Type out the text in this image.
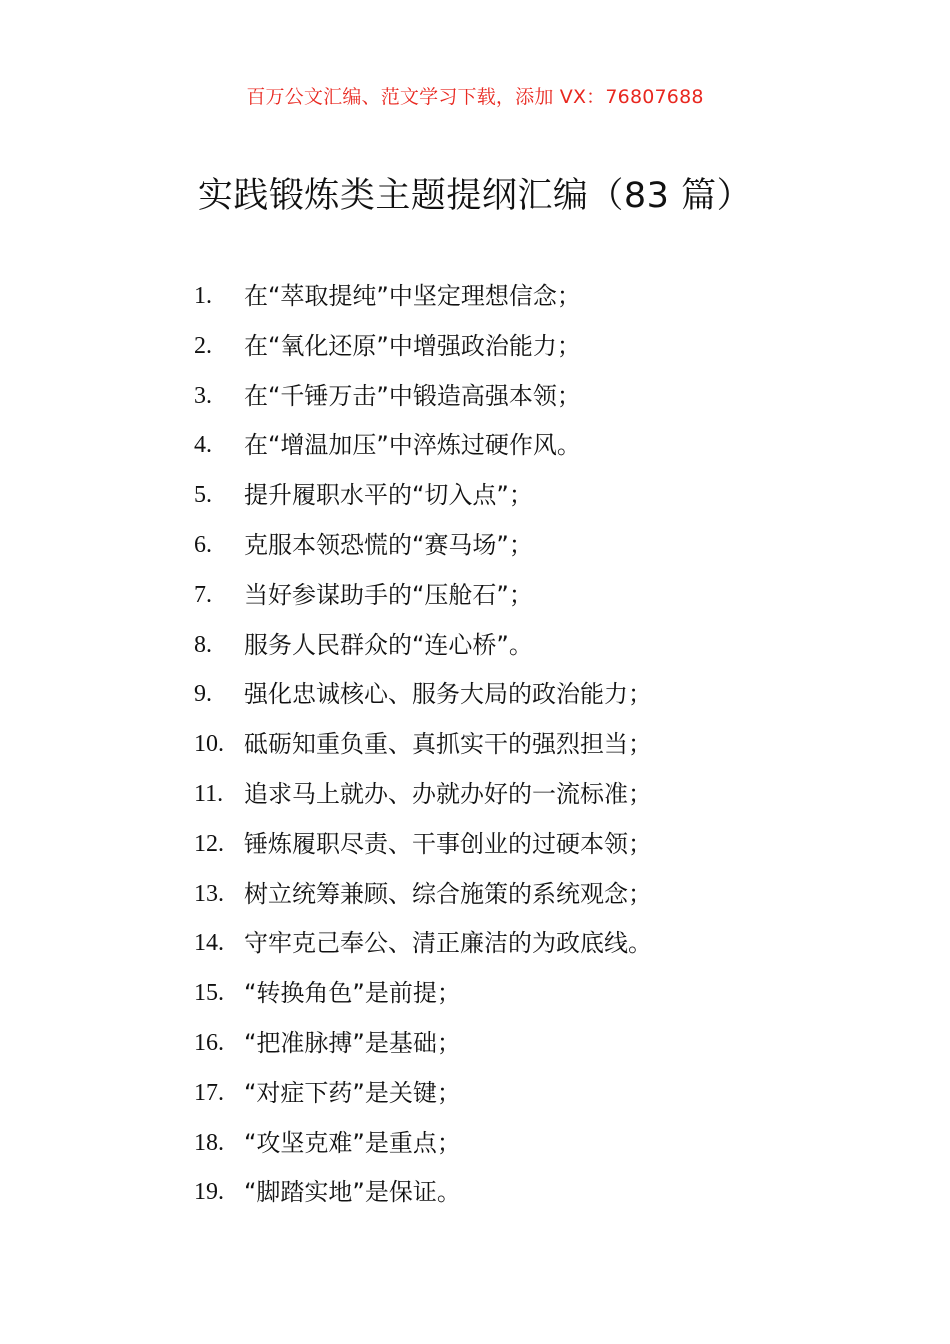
百万公文汇编、范文学习下载，添加 VX：76807688
实践锻炼类主题提纲汇编（83 篇）
1. 在“萃取提纯”中坚定理想信念；
2. 在“氧化还原”中增强政治能力；
3. 在“千锤万击”中锻造高强本领；
4. 在“增温加压”中淬炼过硬作风。
5. 提升履职水平的“切入点”；
6. 克服本领恐慌的“赛马场”；
7. 当好参谋助手的“压舱石”；
8. 服务人民群众的“连心桥”。
9. 强化忠诚核心、服务大局的政治能力；
10. 砥砺知重负重、真抓实干的强烈担当；
11. 追求马上就办、办就办好的一流标准；
12. 锤炼履职尽责、干事创业的过硬本领；
13. 树立统筹兼顾、综合施策的系统观念；
14. 守牢克己奉公、清正廉洁的为政底线。
15. “转换角色”是前提；
16. “把准脉搏”是基础；
17. “对症下药”是关键；
18. “攻坚克难”是重点；
19. “脚踏实地”是保证。
